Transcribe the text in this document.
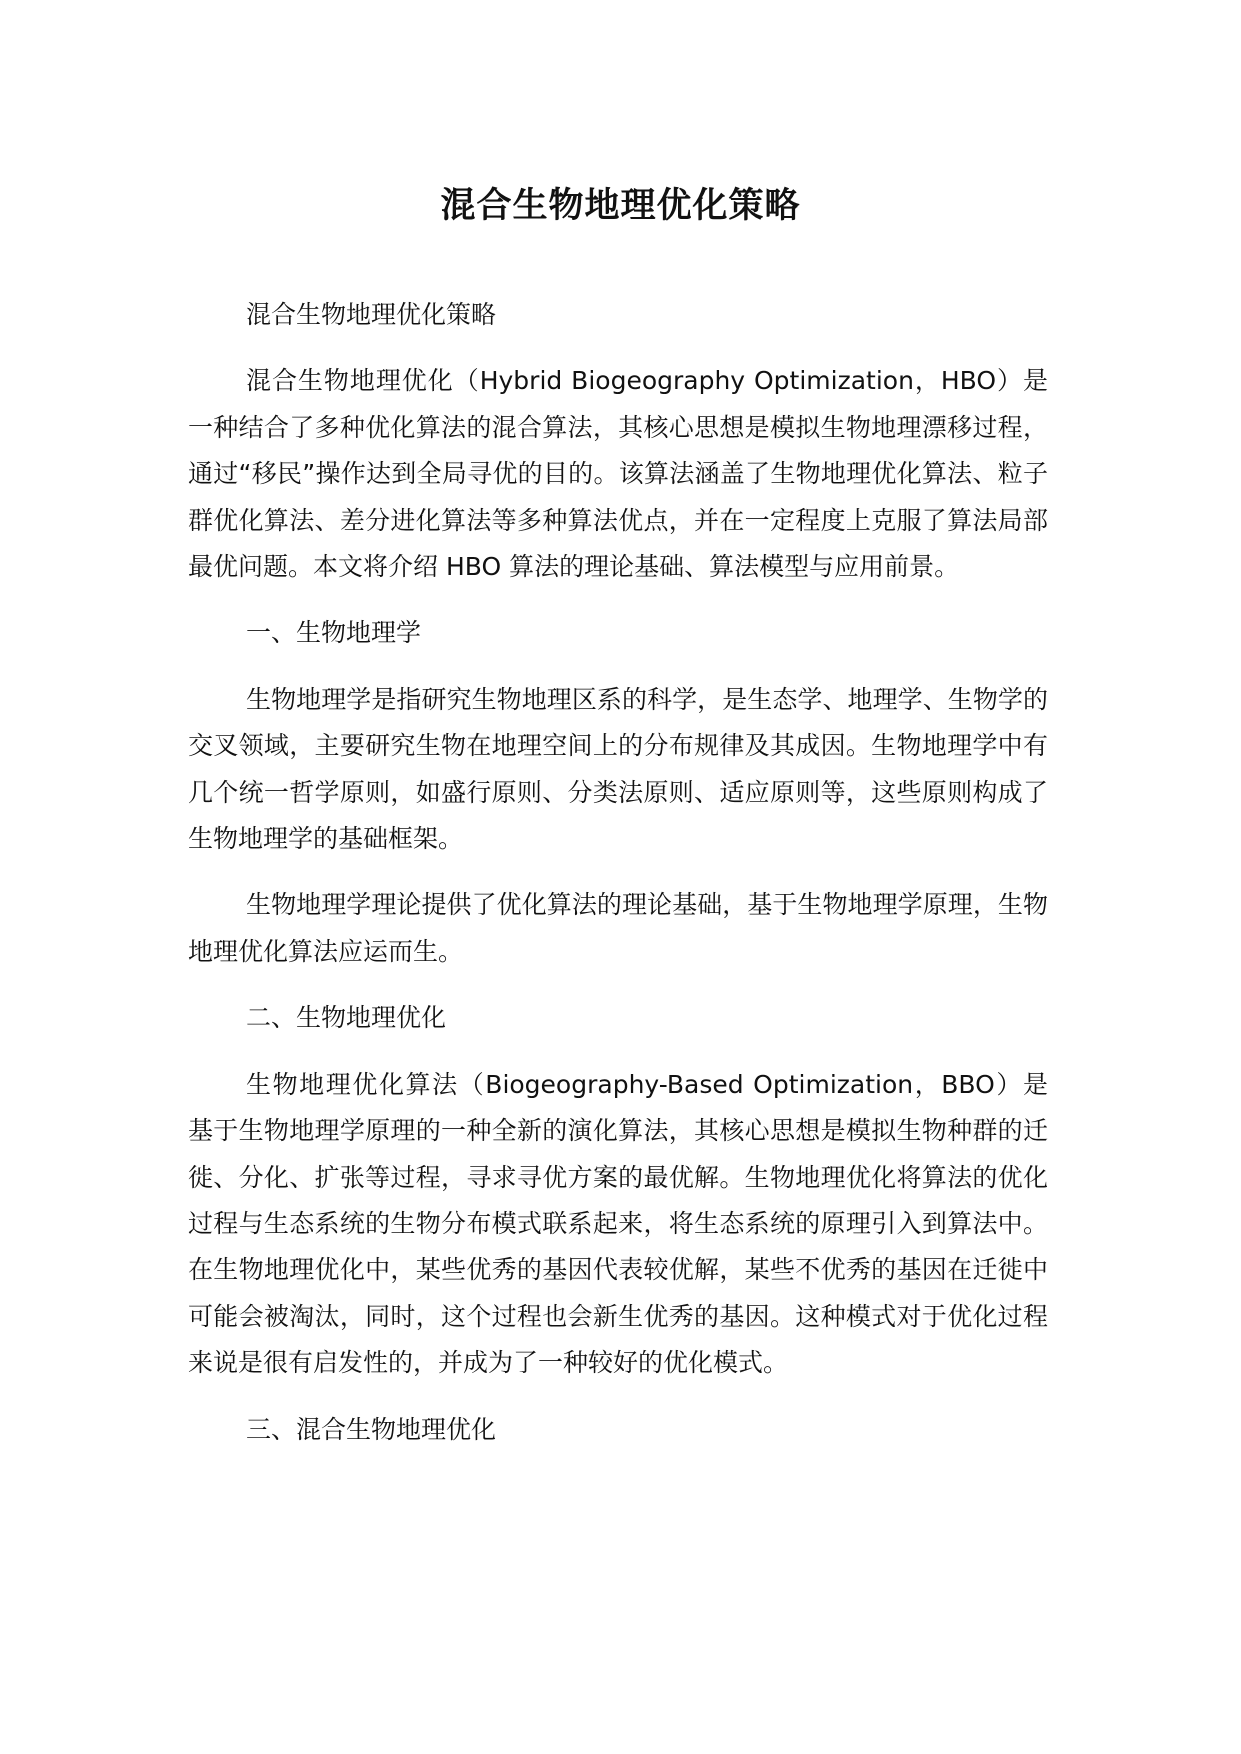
混合生物地理优化策略

混合生物地理优化策略

混合生物地理优化（Hybrid Biogeography Optimization，HBO）是一种结合了多种优化算法的混合算法，其核心思想是模拟生物地理漂移过程，通过“移民”操作达到全局寻优的目的。该算法涵盖了生物地理优化算法、粒子群优化算法、差分进化算法等多种算法优点，并在一定程度上克服了算法局部最优问题。本文将介绍 HBO 算法的理论基础、算法模型与应用前景。

一、生物地理学

生物地理学是指研究生物地理区系的科学，是生态学、地理学、生物学的交叉领域，主要研究生物在地理空间上的分布规律及其成因。生物地理学中有几个统一哲学原则，如盛行原则、分类法原则、适应原则等，这些原则构成了生物地理学的基础框架。

生物地理学理论提供了优化算法的理论基础，基于生物地理学原理，生物地理优化算法应运而生。

二、生物地理优化

生物地理优化算法（Biogeography-Based Optimization，BBO）是基于生物地理学原理的一种全新的演化算法，其核心思想是模拟生物种群的迁徙、分化、扩张等过程，寻求寻优方案的最优解。生物地理优化将算法的优化过程与生态系统的生物分布模式联系起来，将生态系统的原理引入到算法中。在生物地理优化中，某些优秀的基因代表较优解，某些不优秀的基因在迁徙中可能会被淘汰，同时，这个过程也会新生优秀的基因。这种模式对于优化过程来说是很有启发性的，并成为了一种较好的优化模式。

三、混合生物地理优化
